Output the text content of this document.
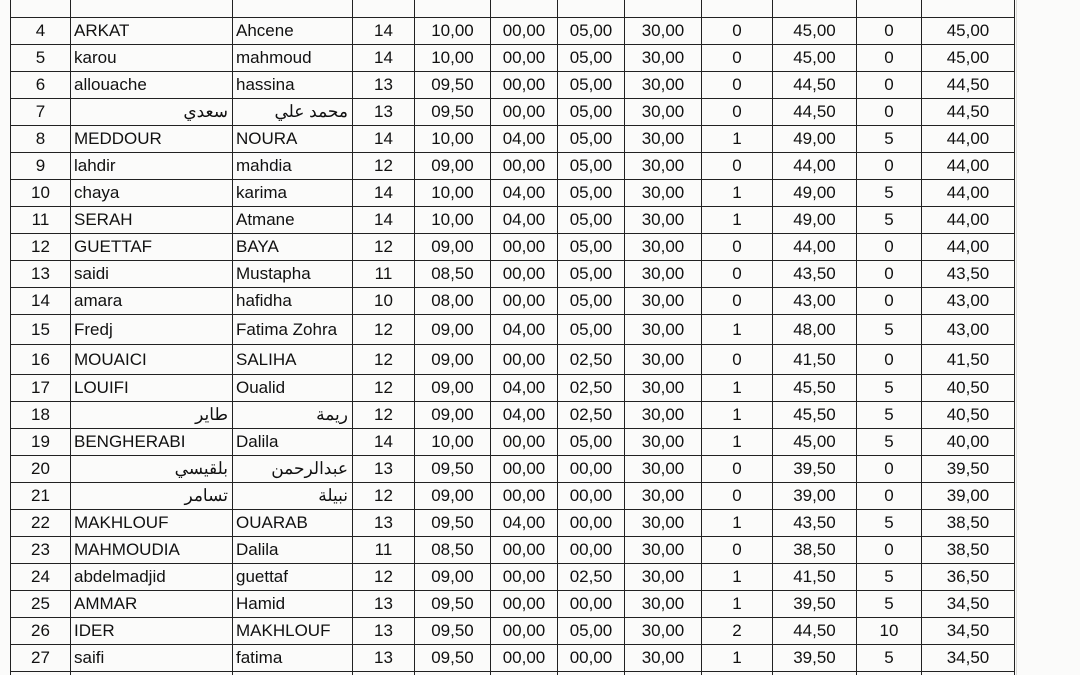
4	ARKAT	Ahcene	14	10,00	00,00	05,00	30,00	0	45,00	0	45,00
5	karou	mahmoud	14	10,00	00,00	05,00	30,00	0	45,00	0	45,00
6	allouache	hassina	13	09,50	00,00	05,00	30,00	0	44,50	0	44,50
7	سعدي	محمد علي	13	09,50	00,00	05,00	30,00	0	44,50	0	44,50
8	MEDDOUR	NOURA	14	10,00	04,00	05,00	30,00	1	49,00	5	44,00
9	lahdir	mahdia	12	09,00	00,00	05,00	30,00	0	44,00	0	44,00
10	chaya	karima	14	10,00	04,00	05,00	30,00	1	49,00	5	44,00
11	SERAH	Atmane	14	10,00	04,00	05,00	30,00	1	49,00	5	44,00
12	GUETTAF	BAYA	12	09,00	00,00	05,00	30,00	0	44,00	0	44,00
13	saidi	Mustapha	11	08,50	00,00	05,00	30,00	0	43,50	0	43,50
14	amara	hafidha	10	08,00	00,00	05,00	30,00	0	43,00	0	43,00
15	Fredj	Fatima Zohra	12	09,00	04,00	05,00	30,00	1	48,00	5	43,00
16	MOUAICI	SALIHA	12	09,00	00,00	02,50	30,00	0	41,50	0	41,50
17	LOUIFI	Oualid	12	09,00	04,00	02,50	30,00	1	45,50	5	40,50
18	طاير	ريمة	12	09,00	04,00	02,50	30,00	1	45,50	5	40,50
19	BENGHERABI	Dalila	14	10,00	00,00	05,00	30,00	1	45,00	5	40,00
20	بلقيسي	عبدالرحمن	13	09,50	00,00	00,00	30,00	0	39,50	0	39,50
21	تسامر	نبيلة	12	09,00	00,00	00,00	30,00	0	39,00	0	39,00
22	MAKHLOUF	OUARAB	13	09,50	04,00	00,00	30,00	1	43,50	5	38,50
23	MAHMOUDIA	Dalila	11	08,50	00,00	00,00	30,00	0	38,50	0	38,50
24	abdelmadjid	guettaf	12	09,00	00,00	02,50	30,00	1	41,50	5	36,50
25	AMMAR	Hamid	13	09,50	00,00	00,00	30,00	1	39,50	5	34,50
26	IDER	MAKHLOUF	13	09,50	00,00	05,00	30,00	2	44,50	10	34,50
27	saifi	fatima	13	09,50	00,00	00,00	30,00	1	39,50	5	34,50
